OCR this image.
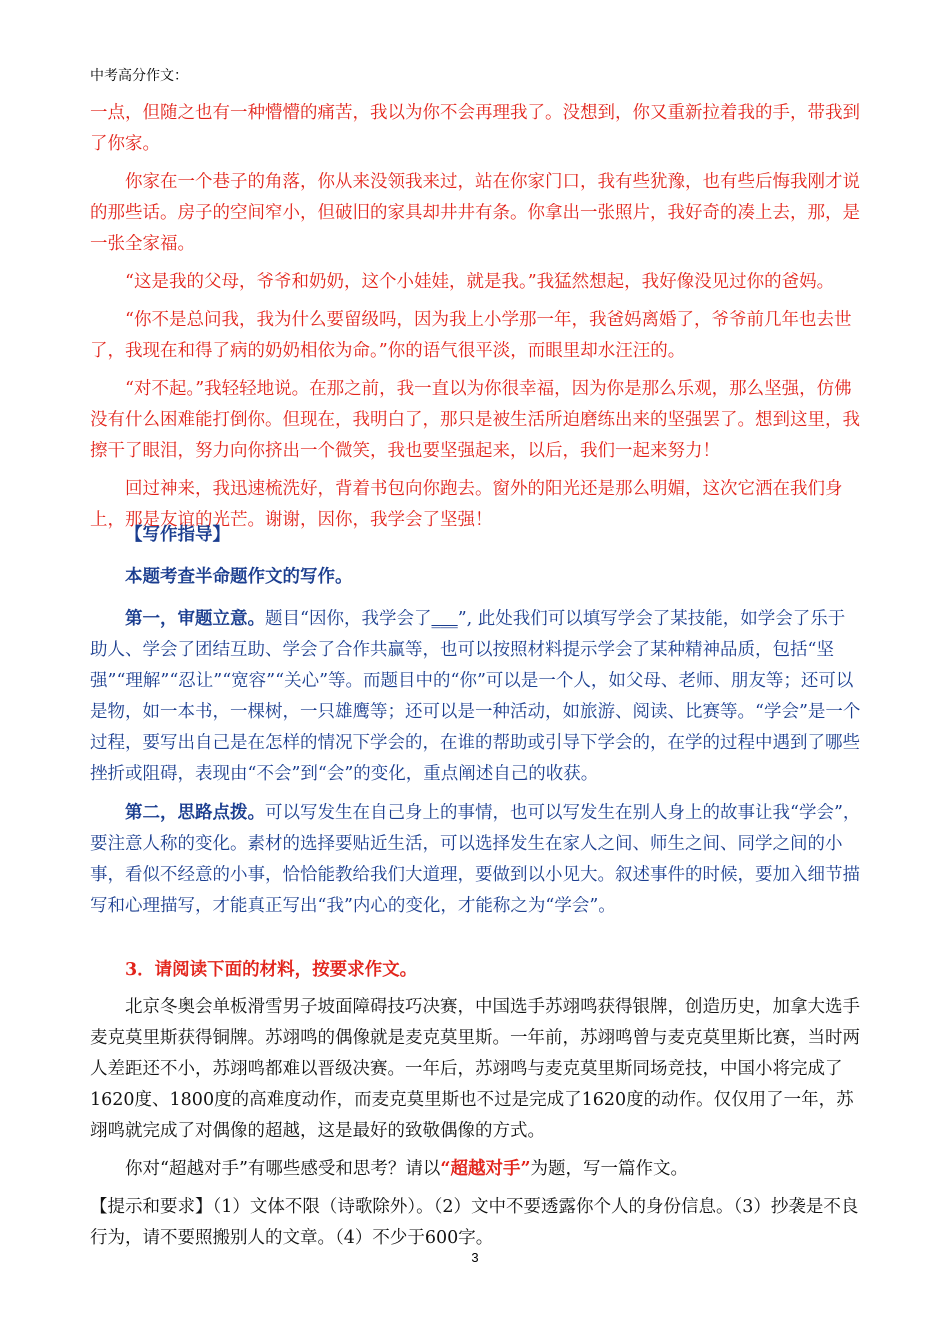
中考高分作文：

一点，但随之也有一种懵懵的痛苦，我以为你不会再理我了。没想到，你又重新拉着我的手，带我到了你家。

你家在一个巷子的角落，你从来没领我来过，站在你家门口，我有些犹豫，也有些后悔我刚才说的那些话。房子的空间窄小，但破旧的家具却井井有条。你拿出一张照片，我好奇的凑上去，那，是一张全家福。

“这是我的父母，爷爷和奶奶，这个小娃娃，就是我。”我猛然想起，我好像没见过你的爸妈。

“你不是总问我，我为什么要留级吗，因为我上小学那一年，我爸妈离婚了，爷爷前几年也去世了，我现在和得了病的奶奶相依为命。”你的语气很平淡，而眼里却水汪汪的。

“对不起。”我轻轻地说。在那之前，我一直以为你很幸福，因为你是那么乐观，那么坚强，仿佛没有什么困难能打倒你。但现在，我明白了，那只是被生活所迫磨练出来的坚强罢了。想到这里，我擦干了眼泪，努力向你挤出一个微笑，我也要坚强起来，以后，我们一起来努力！

回过神来，我迅速梳洗好，背着书包向你跑去。窗外的阳光还是那么明媚，这次它洒在我们身上，那是友谊的光芒。谢谢，因你，我学会了坚强！

【写作指导】

本题考查半命题作文的写作。

第一，审题立意。题目“因你，我学会了___”, 此处我们可以填写学会了某技能，如学会了乐于助人、学会了团结互助、学会了合作共赢等，也可以按照材料提示学会了某种精神品质，包括“坚强”“理解”“忍让”“宽容”“关心”等。而题目中的“你”可以是一个人，如父母、老师、朋友等；还可以是物，如一本书，一棵树，一只雄鹰等；还可以是一种活动，如旅游、阅读、比赛等。“学会”是一个过程，要写出自己是在怎样的情况下学会的，在谁的帮助或引导下学会的，在学的过程中遇到了哪些挫折或阻碍，表现由“不会”到“会”的变化，重点阐述自己的收获。

第二，思路点拨。可以写发生在自己身上的事情，也可以写发生在别人身上的故事让我“学会”，要注意人称的变化。素材的选择要贴近生活，可以选择发生在家人之间、师生之间、同学之间的小事，看似不经意的小事，恰恰能教给我们大道理，要做到以小见大。叙述事件的时候，要加入细节描写和心理描写，才能真正写出“我”内心的变化，才能称之为“学会”。

3．请阅读下面的材料，按要求作文。

北京冬奥会单板滑雪男子坡面障碍技巧决赛，中国选手苏翊鸣获得银牌，创造历史，加拿大选手麦克莫里斯获得铜牌。苏翊鸣的偶像就是麦克莫里斯。一年前，苏翊鸣曾与麦克莫里斯比赛，当时两人差距还不小，苏翊鸣都难以晋级决赛。一年后，苏翊鸣与麦克莫里斯同场竞技，中国小将完成了1620度、1800度的高难度动作，而麦克莫里斯也不过是完成了1620度的动作。仅仅用了一年，苏翊鸣就完成了对偶像的超越，这是最好的致敬偶像的方式。

你对“超越对手”有哪些感受和思考？请以“超越对手”为题，写一篇作文。

【提示和要求】（1）文体不限（诗歌除外）。（2）文中不要透露你个人的身份信息。（3）抄袭是不良行为，请不要照搬别人的文章。（4）不少于600字。

3
